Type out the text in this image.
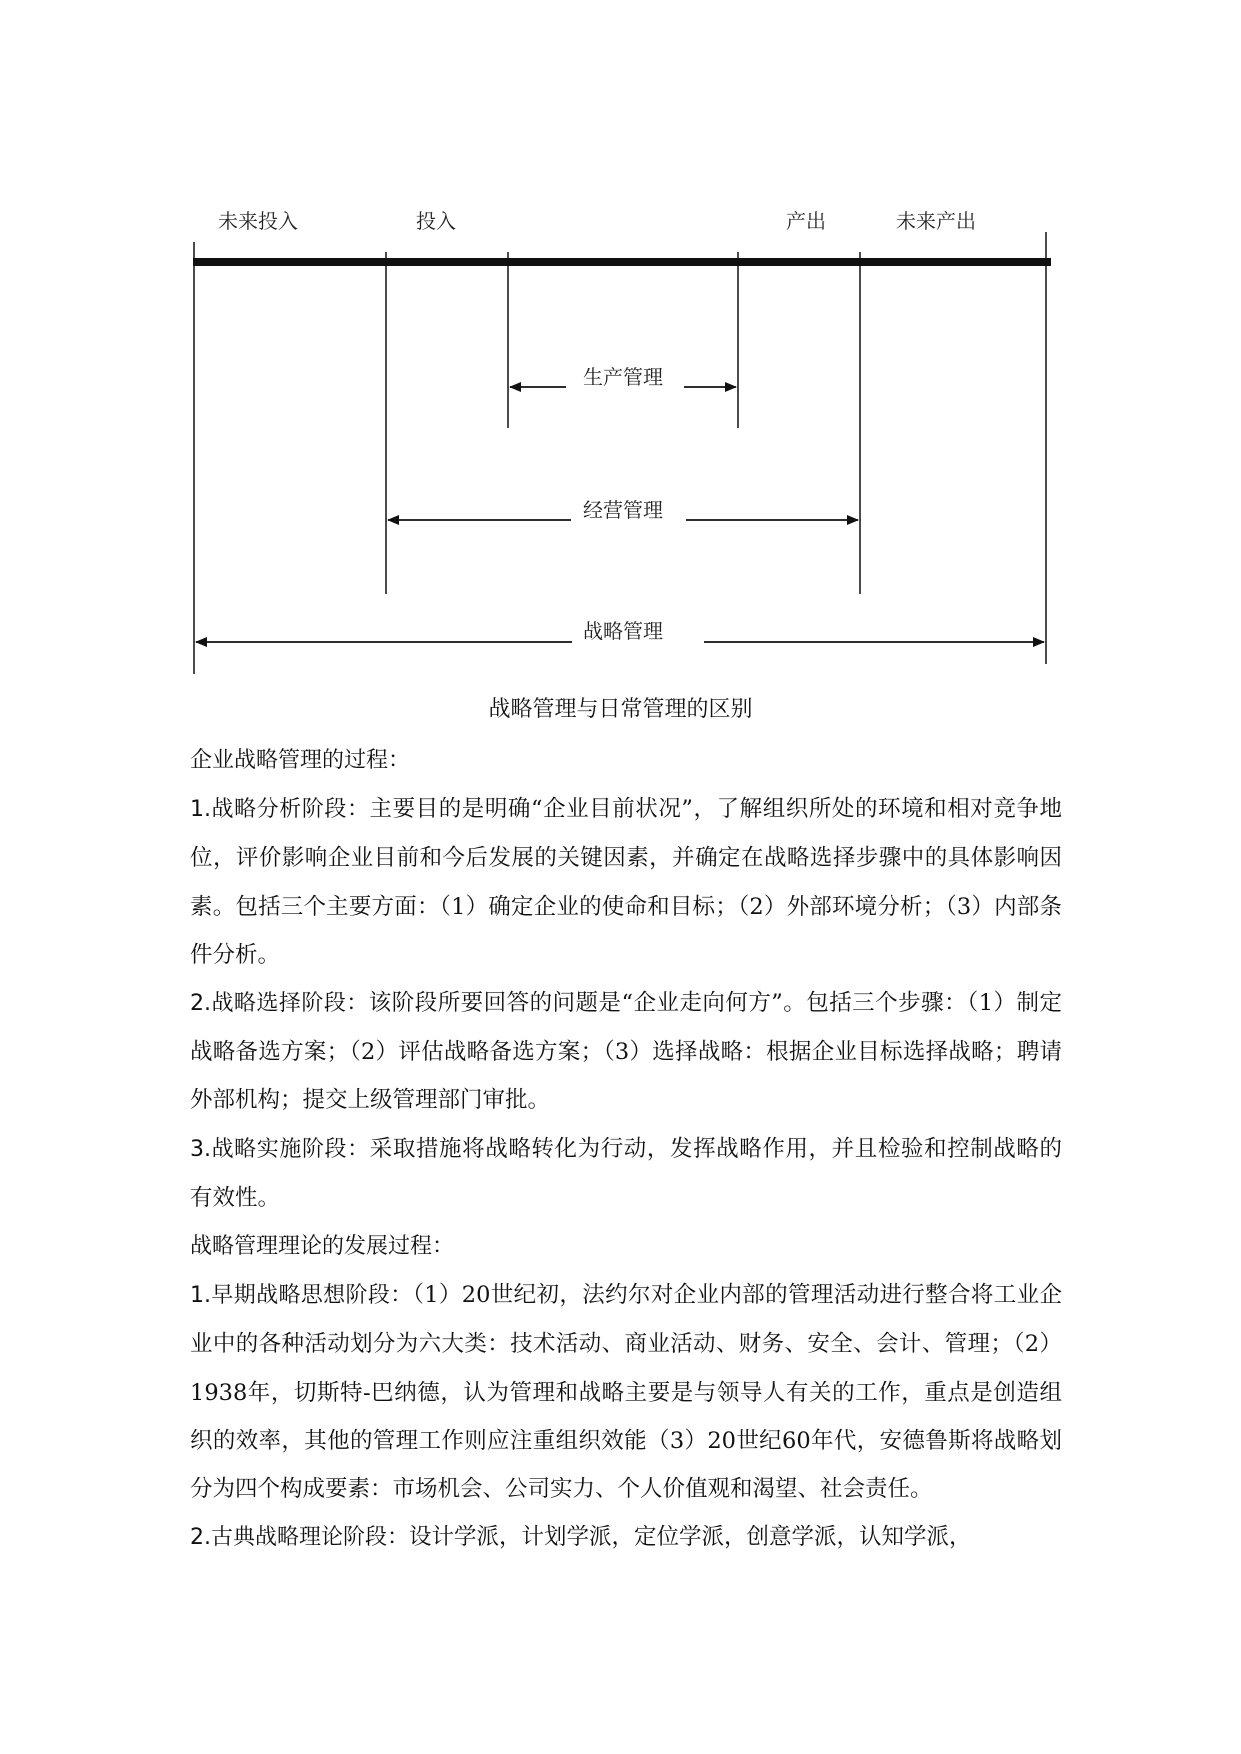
未来投入	投入	产出	未来产出
生产管理
经营管理
战略管理
战略管理与日常管理的区别

企业战略管理的过程：

1.战略分析阶段：主要目的是明确“企业目前状况”，了解组织所处的环境和相对竞争地位，评价影响企业目前和今后发展的关键因素，并确定在战略选择步骤中的具体影响因素。包括三个主要方面：（1）确定企业的使命和目标；（2）外部环境分析；（3）内部条件分析。

2.战略选择阶段：该阶段所要回答的问题是“企业走向何方”。包括三个步骤：（1）制定战略备选方案；（2）评估战略备选方案；（3）选择战略：根据企业目标选择战略；聘请外部机构；提交上级管理部门审批。

3.战略实施阶段：采取措施将战略转化为行动，发挥战略作用，并且检验和控制战略的有效性。

战略管理理论的发展过程：

1.早期战略思想阶段：（1）20世纪初，法约尔对企业内部的管理活动进行整合将工业企业中的各种活动划分为六大类：技术活动、商业活动、财务、安全、会计、管理；（2）1938年，切斯特-巴纳德，认为管理和战略主要是与领导人有关的工作，重点是创造组织的效率，其他的管理工作则应注重组织效能（3）20世纪60年代，安德鲁斯将战略划分为四个构成要素：市场机会、公司实力、个人价值观和渴望、社会责任。

2.古典战略理论阶段：设计学派，计划学派，定位学派，创意学派，认知学派，
